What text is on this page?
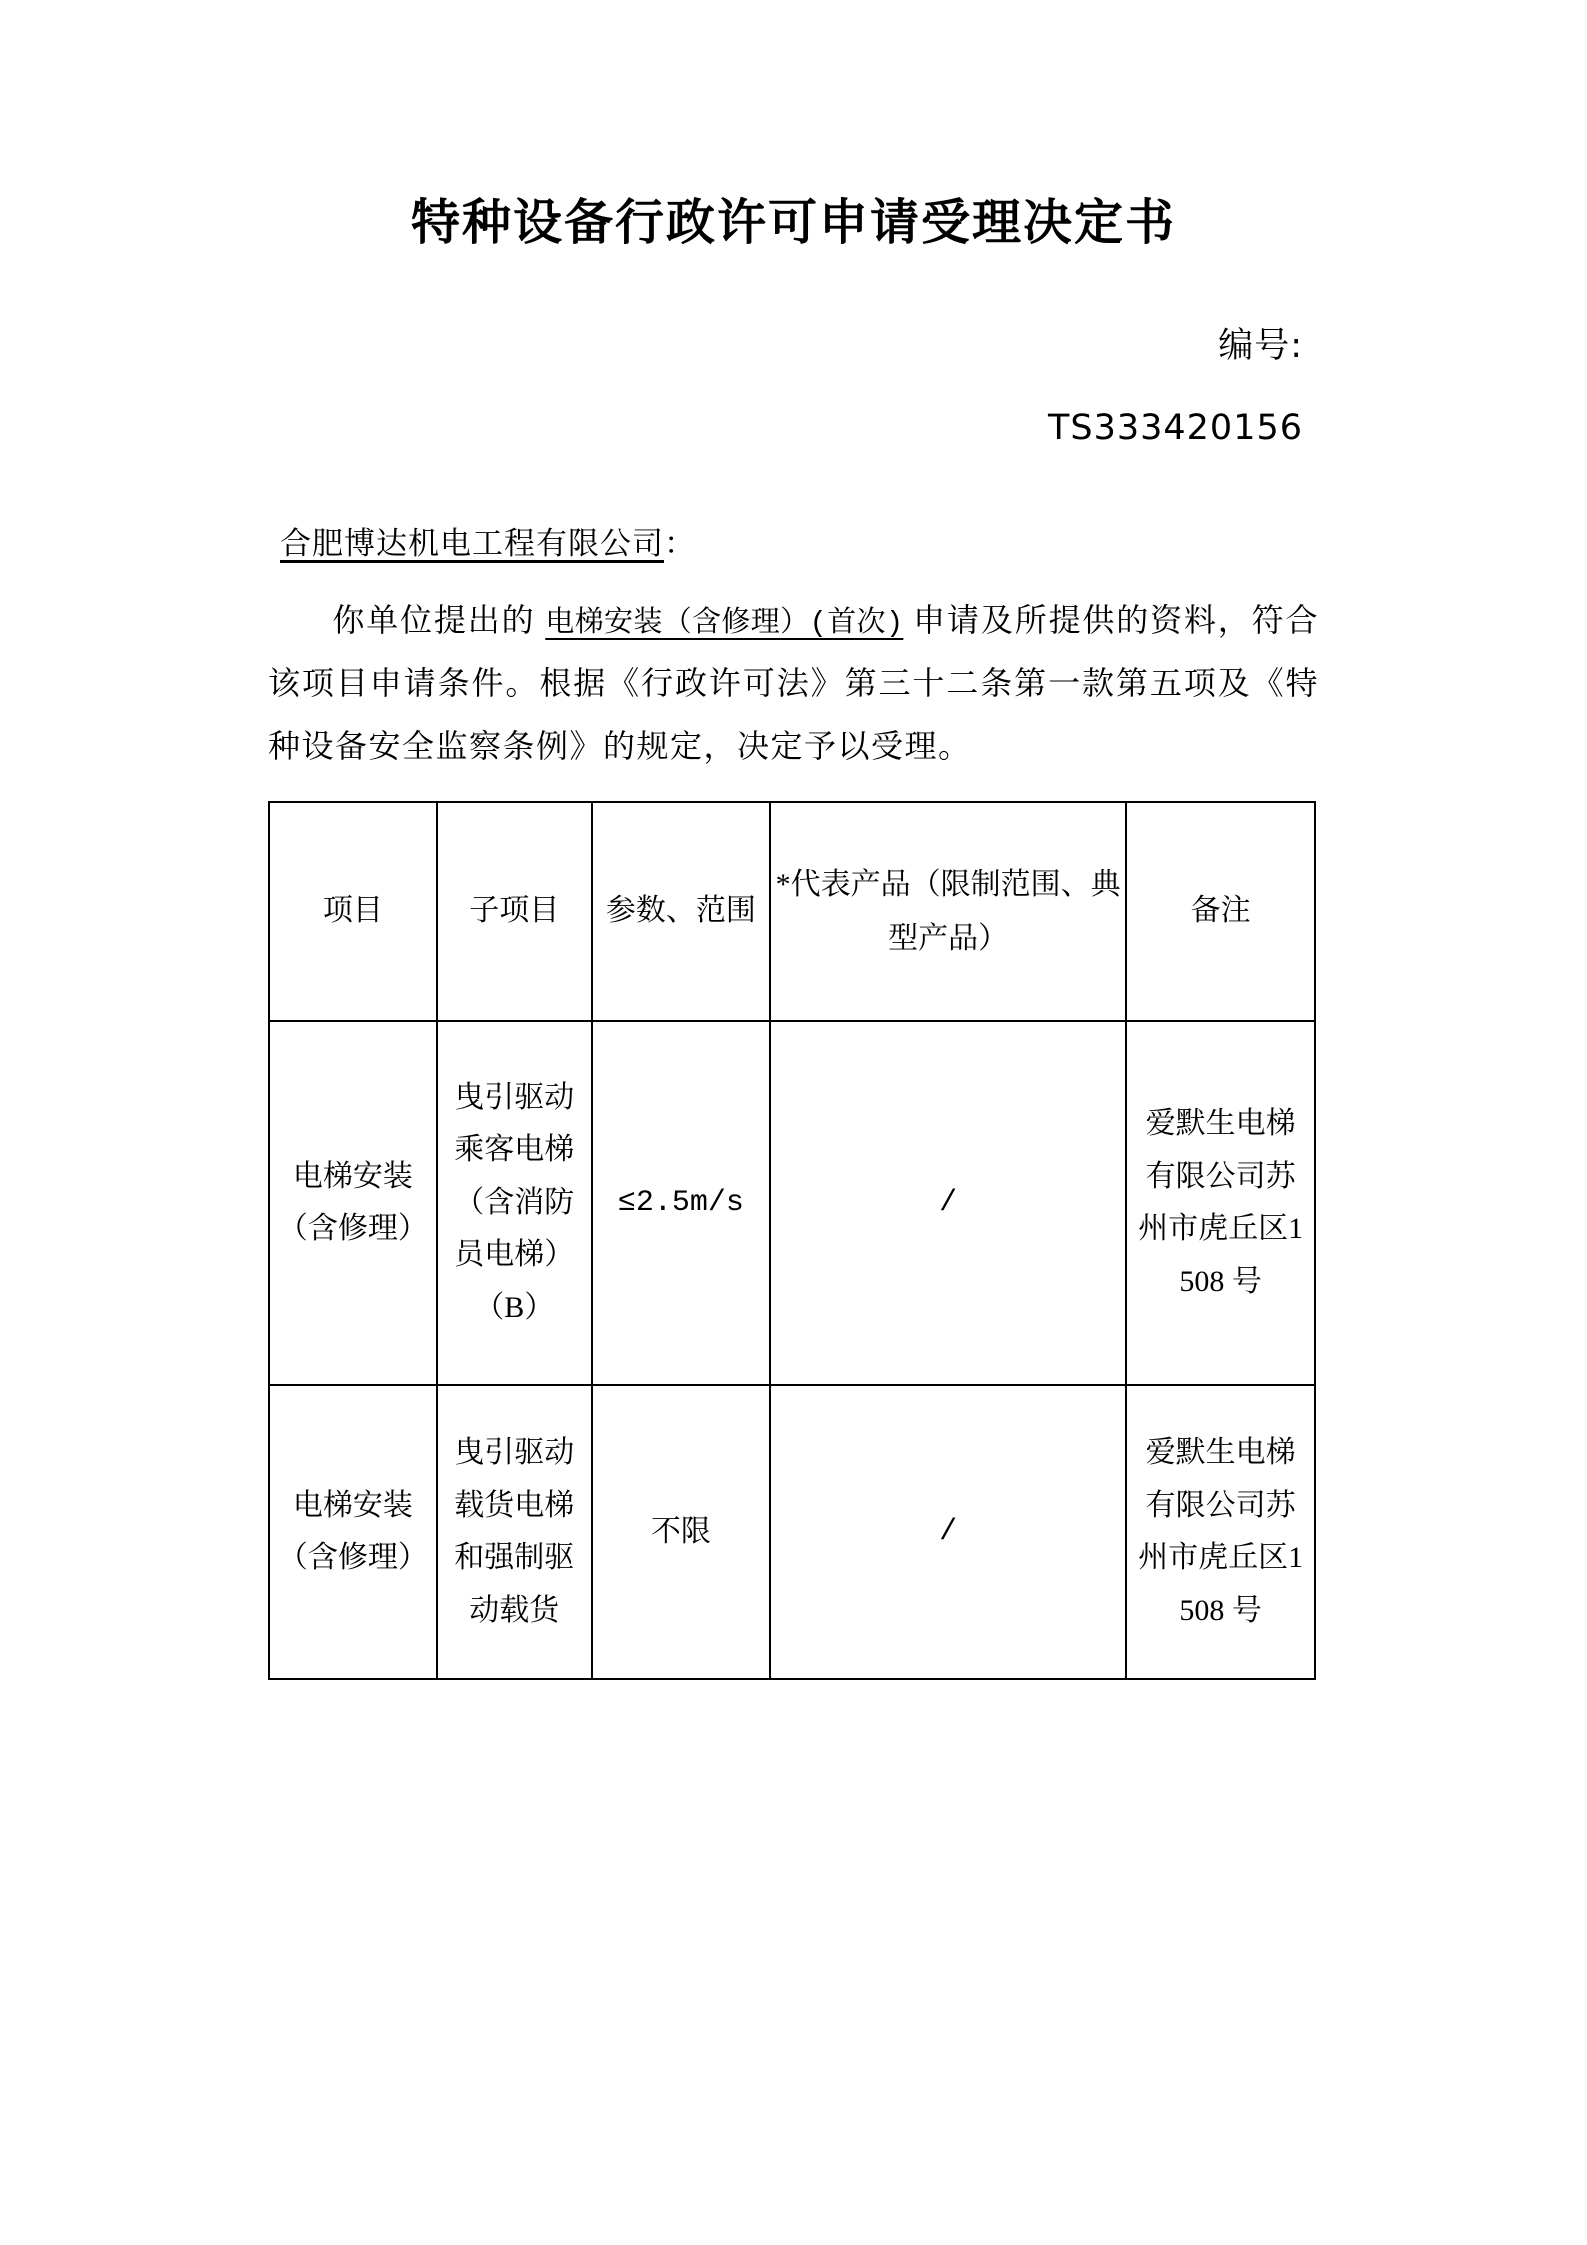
特种设备行政许可申请受理决定书

编号:

TS333420156

合肥博达机电工程有限公司：
你单位提出的 电梯安装（含修理）(首次) 申请及所提供的资料，符合该项目申请条件。根据《行政许可法》第三十二条第一款第五项及《特种设备安全监察条例》的规定，决定予以受理。
项目	子项目	参数、范围	*代表产品（限制范围、典型产品）	备注
电梯安装（含修理）	曳引驱动乘客电梯（含消防员电梯）（B）	≤2.5m/s	/	爱默生电梯有限公司苏州市虎丘区1508 号
电梯安装（含修理）	曳引驱动载货电梯和强制驱动载货	不限	/	爱默生电梯有限公司苏州市虎丘区1508 号
